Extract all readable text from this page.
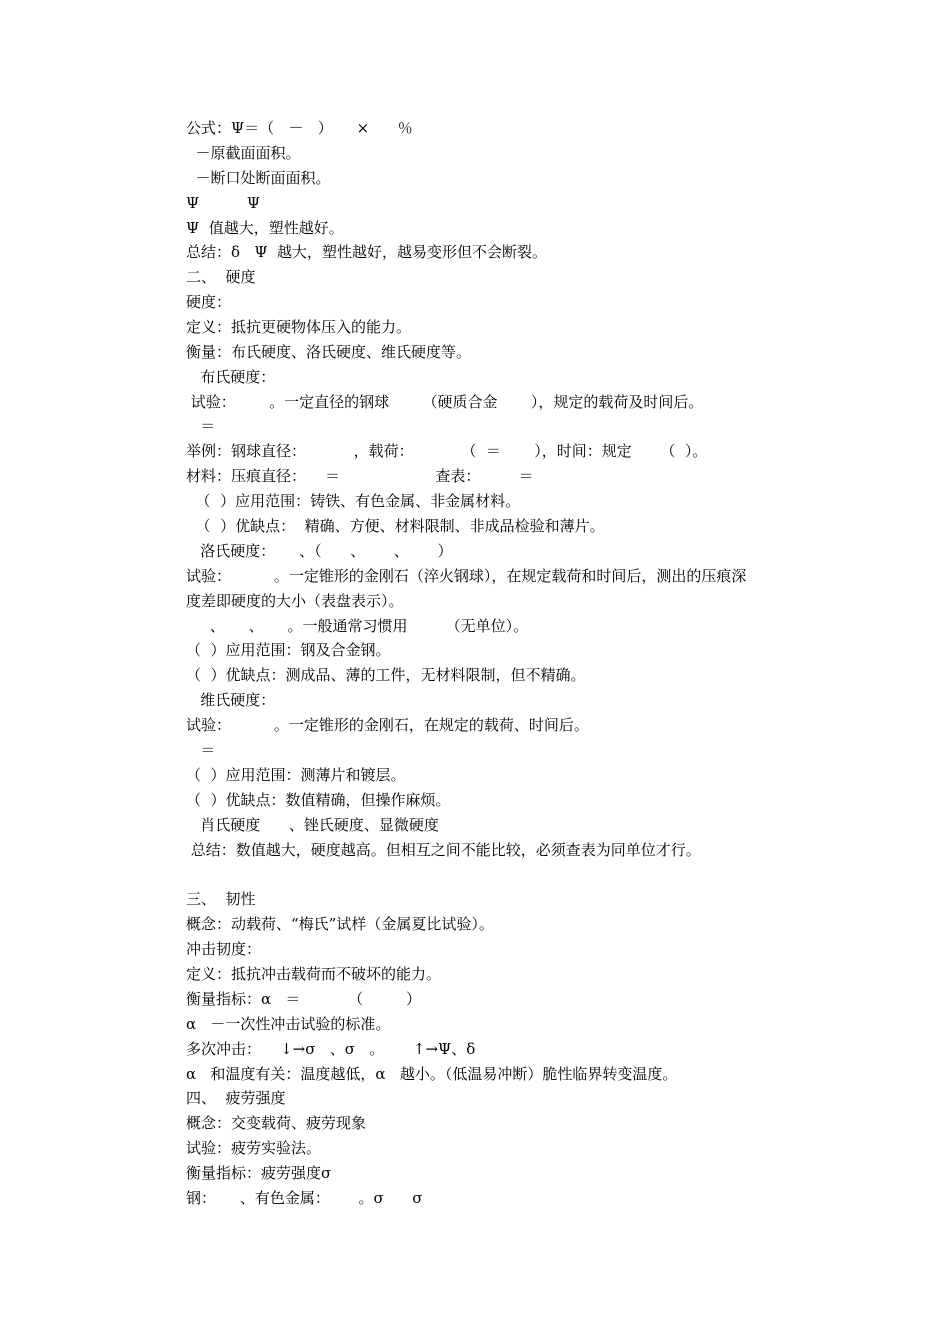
公式：Ψ＝（   －   ）     ×      ％
－原截面面积。
－断口处断面面积。
Ψ          Ψ
Ψ  值越大，塑性越好。
总结：δ   Ψ  越大，塑性越好，越易变形但不会断裂。
二、  硬度
硬度：
定义：抵抗更硬物体压入的能力。
衡量：布氏硬度、洛氏硬度、维氏硬度等。
布氏硬度：
试验：       。一定直径的钢球       （硬质合金       ），规定的载荷及时间后。
＝
举例：钢球直径：          ，载荷：          （  ＝       ），时间：规定      （  ）。
材料：压痕直径：    ＝                    查表：        ＝
（  ）应用范围：铸铁、有色金属、非金属材料。
（  ）优缺点：  精确、方便、材料限制、非成品检验和薄片。
洛氏硬度：     、（      、      、      ）
试验：         。一定锥形的金刚石（淬火钢球），在规定载荷和时间后，测出的压痕深
度差即硬度的大小（表盘表示）。
、     、     。一般通常习惯用        （无单位）。
（  ）应用范围：钢及合金钢。
（  ）优缺点：测成品、薄的工件，无材料限制，但不精确。
维氏硬度：
试验：         。一定锥形的金刚石，在规定的载荷、时间后。
＝
（  ）应用范围：测薄片和镀层。
（  ）优缺点：数值精确，但操作麻烦。
肖氏硬度      、锉氏硬度、显微硬度
总结：数值越大，硬度越高。但相互之间不能比较，必须查表为同单位才行。
三、  韧性
概念：动载荷、“梅氏”试样（金属夏比试验）。
冲击韧度：
定义：抵抗冲击载荷而不破坏的能力。
衡量指标：α   ＝          （         ）
α   －一次性冲击试验的标准。
多次冲击：    ↓→σ   、σ   。      ↑→Ψ、δ
α   和温度有关：温度越低，α   越小。（低温易冲断）脆性临界转变温度。
四、  疲劳强度
概念：交变载荷、疲劳现象
试验：疲劳实验法。
衡量指标：疲劳强度σ
钢：     、有色金属：      。σ      σ
